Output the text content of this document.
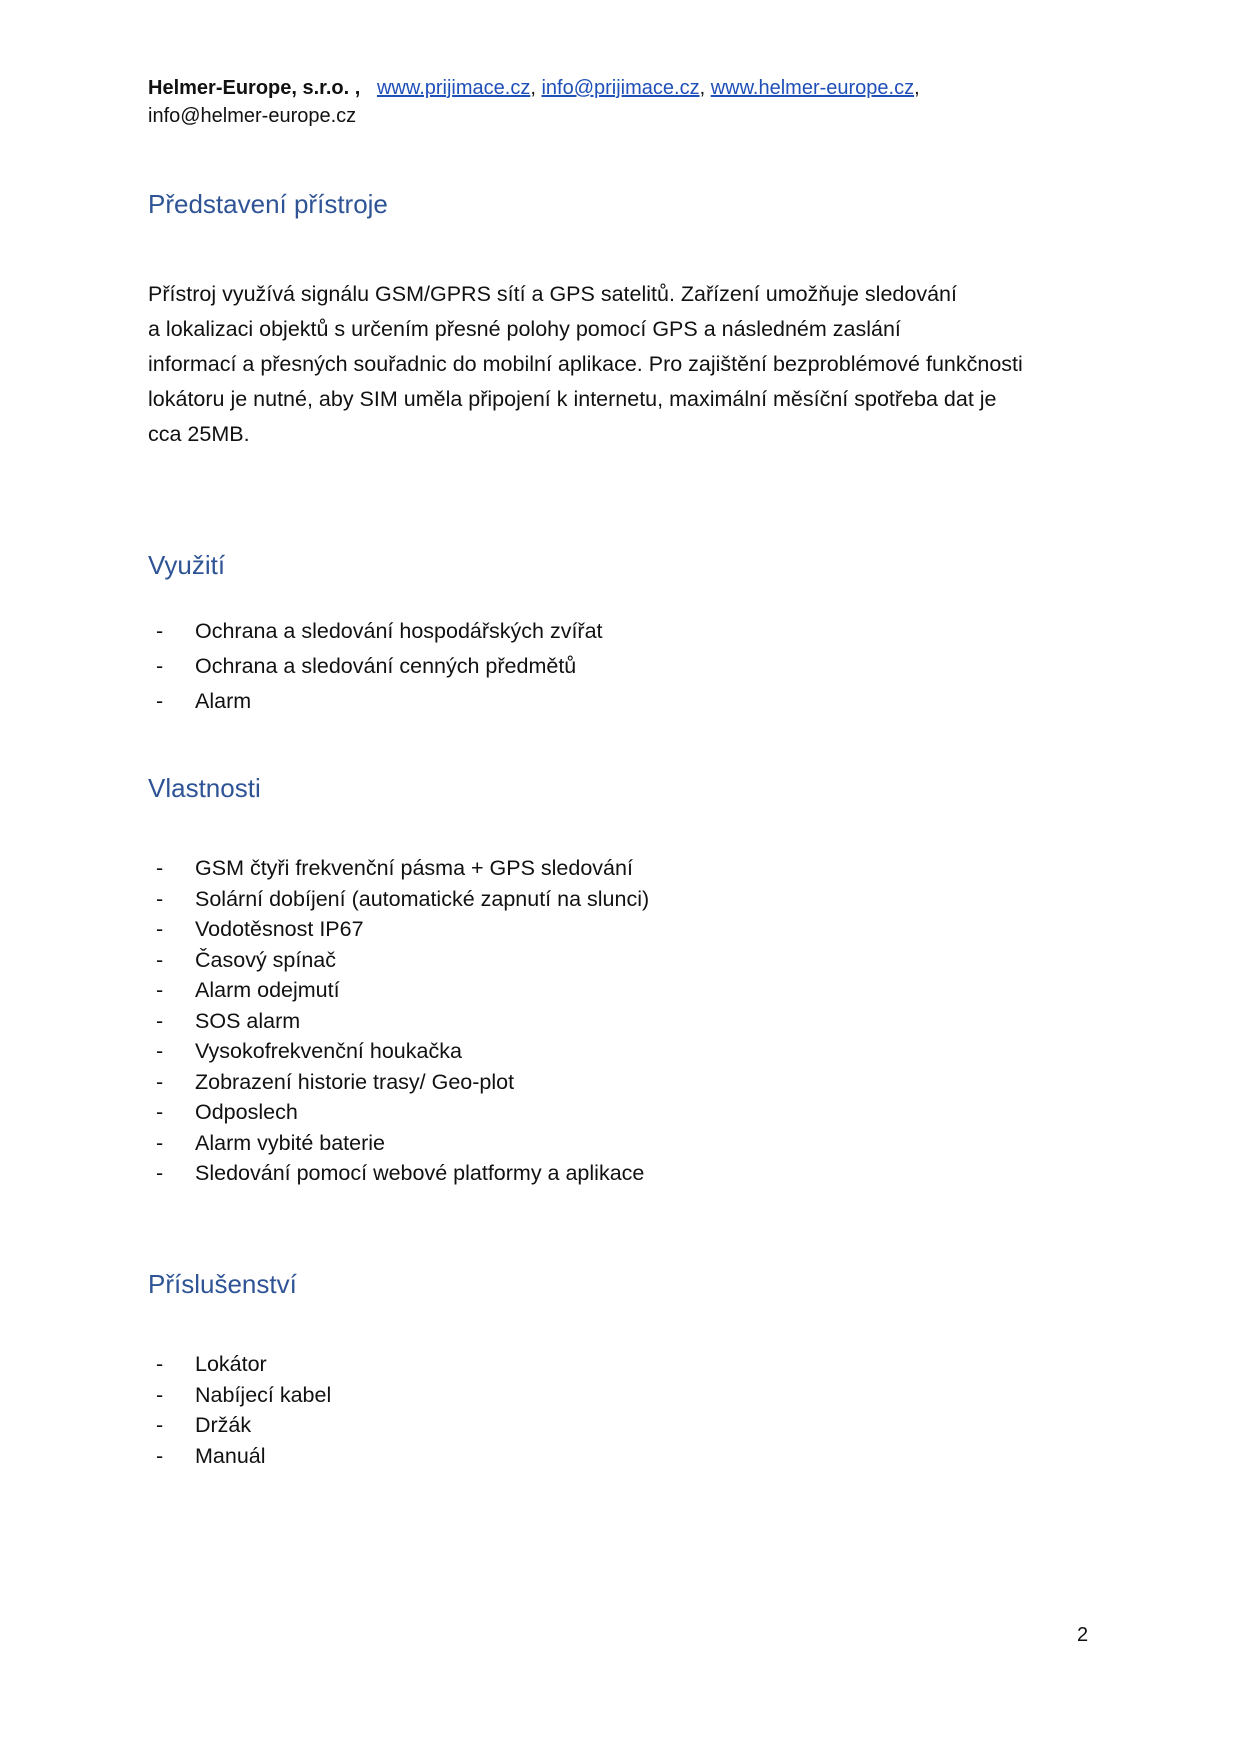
Helmer-Europe, s.r.o. , www.prijimace.cz, info@prijimace.cz, www.helmer-europe.cz,
info@helmer-europe.cz
Představení přístroje
Přístroj využívá signálu GSM/GPRS sítí a GPS satelitů. Zařízení umožňuje sledování
a lokalizaci objektů s určením přesné polohy pomocí GPS a následném zaslání
informací a přesných souřadnic do mobilní aplikace. Pro zajištění bezproblémové funkčnosti
lokátoru je nutné, aby SIM uměla připojení k internetu, maximální měsíční spotřeba dat je
cca 25MB.
Využití
- Ochrana a sledování hospodářských zvířat
- Ochrana a sledování cenných předmětů
- Alarm
Vlastnosti
- GSM čtyři frekvenční pásma + GPS sledování
- Solární dobíjení (automatické zapnutí na slunci)
- Vodotěsnost IP67
- Časový spínač
- Alarm odejmutí
- SOS alarm
- Vysokofrekvenční houkačka
- Zobrazení historie trasy/ Geo-plot
- Odposlech
- Alarm vybité baterie
- Sledování pomocí webové platformy a aplikace
Příslušenství
- Lokátor
- Nabíjecí kabel
- Držák
- Manuál
2
